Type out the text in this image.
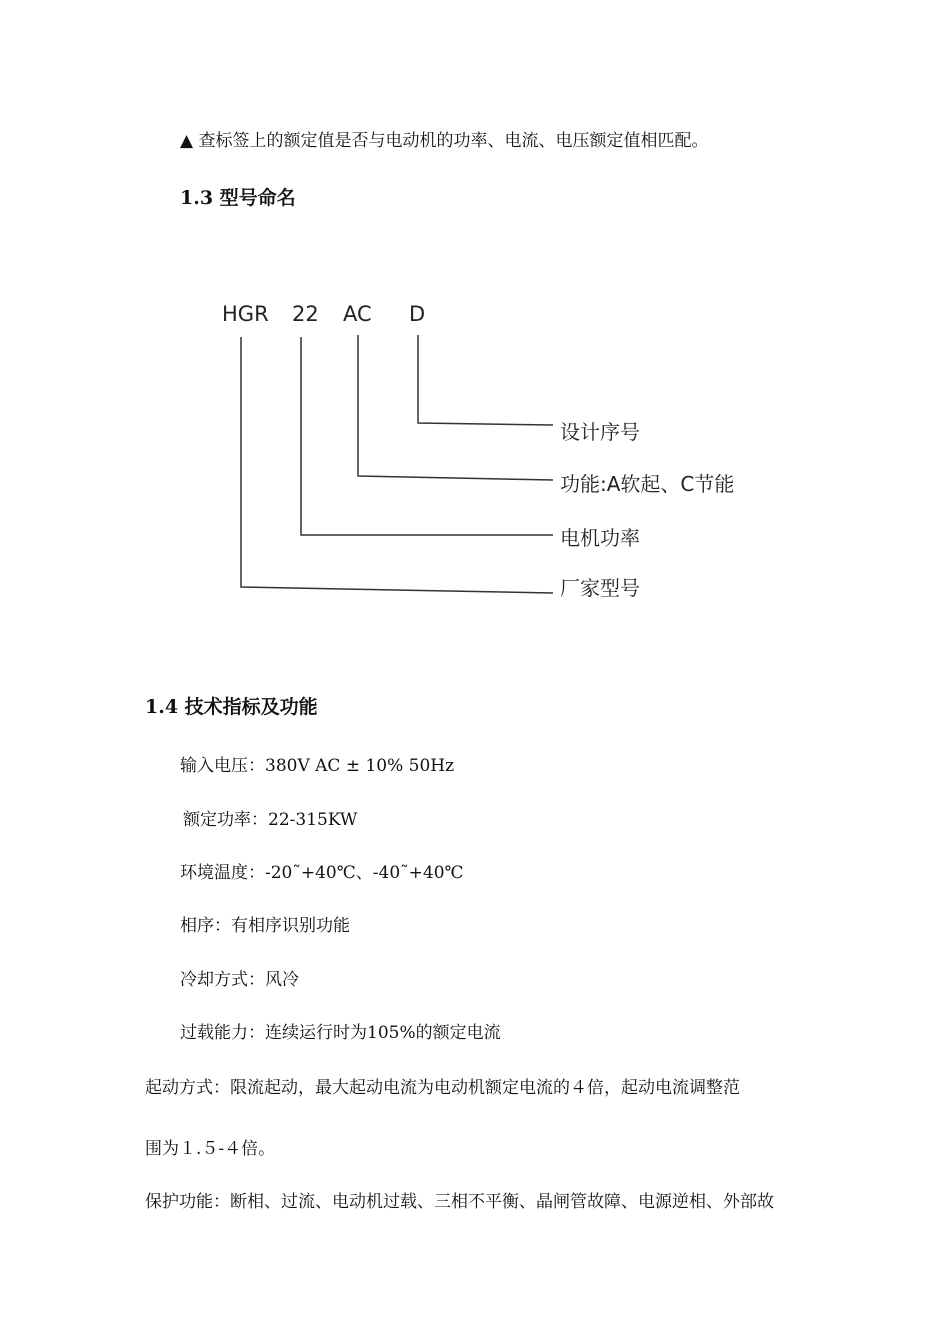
▲ 查标签上的额定值是否与电动机的功率、电流、电压额定值相匹配。
1.3 型号命名
HGR 22 AC D
设计序号
功能:A软起、C节能
电机功率
厂家型号
1.4 技术指标及功能
输入电压：380V AC ± 10% 50Hz
额定功率：22-315KW
环境温度：-20˜+40℃、-40˜+40℃
相序：有相序识别功能
冷却方式：风冷
过载能力：连续运行时为105%的额定电流
起动方式：限流起动，最大起动电流为电动机额定电流的４倍，起动电流调整范
围为１.５-４倍。
保护功能：断相、过流、电动机过载、三相不平衡、晶闸管故障、电源逆相、外部故
